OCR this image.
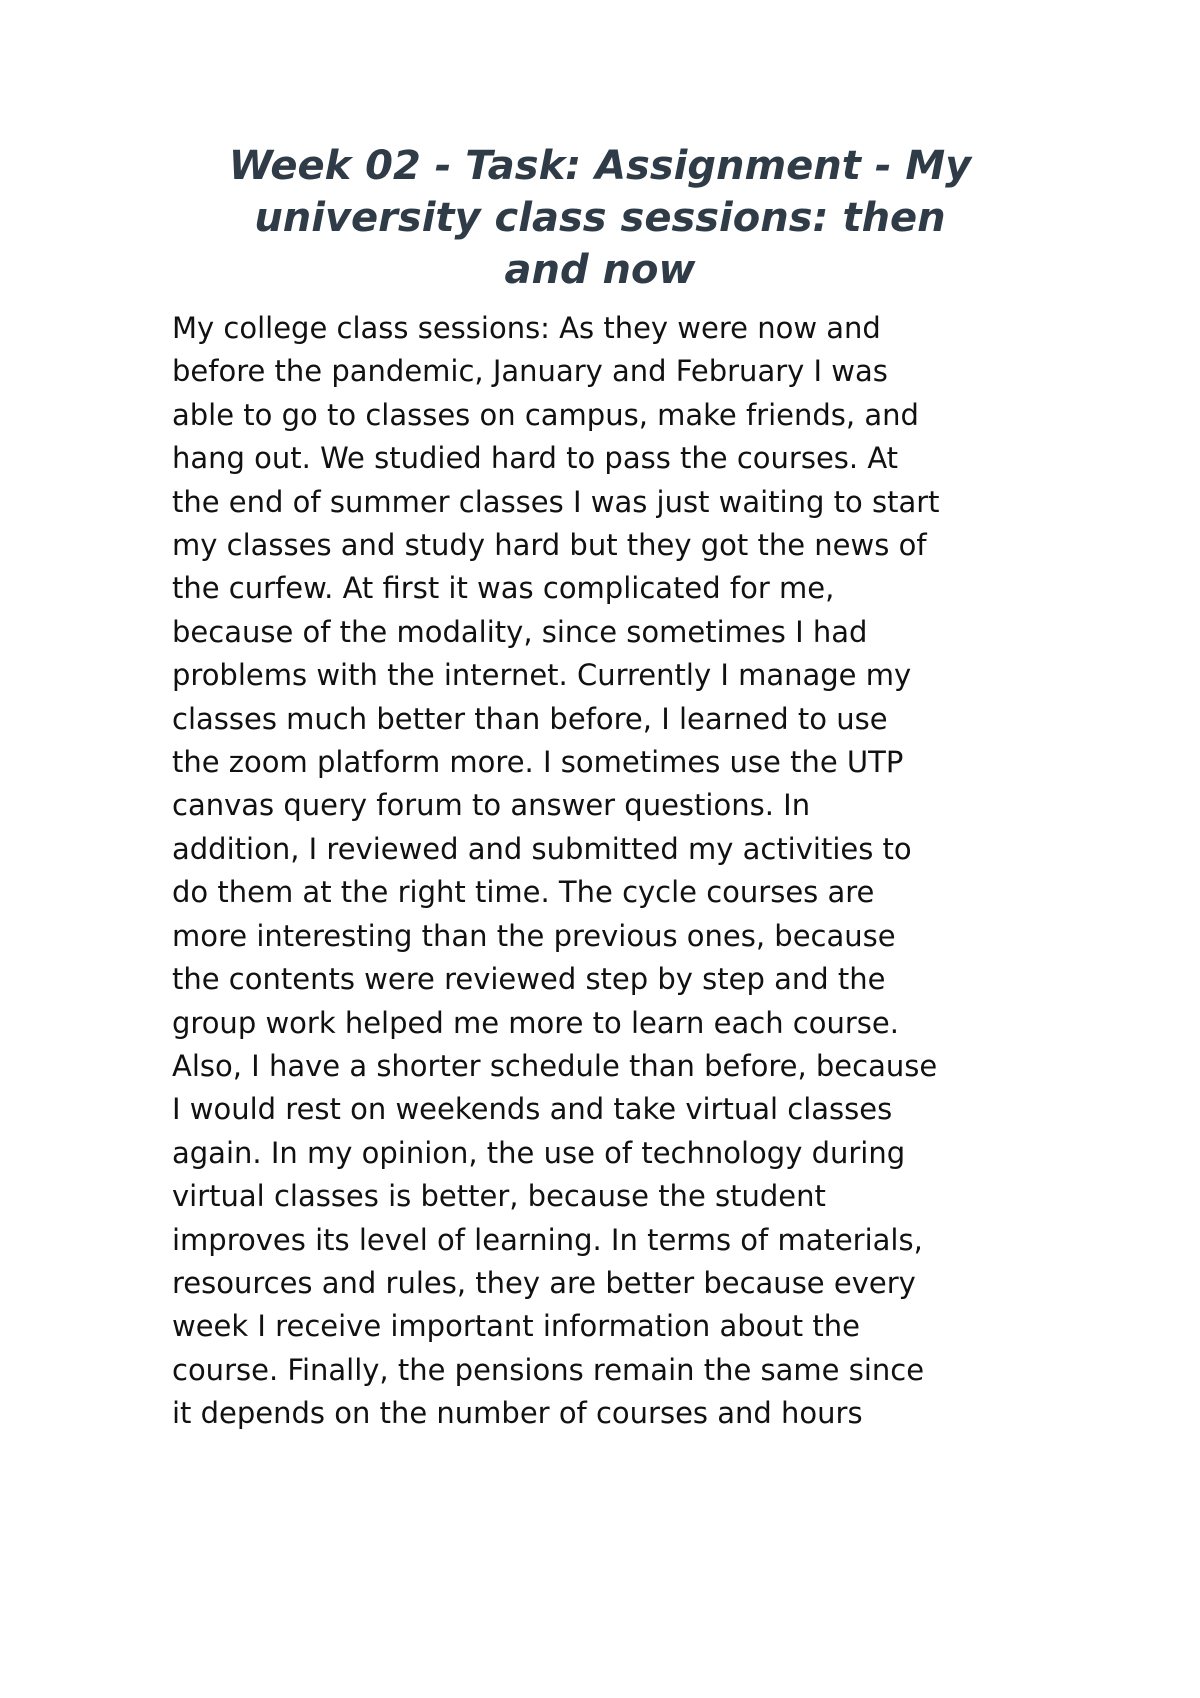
Week 02 - Task: Assignment - My
university class sessions: then
and now
My college class sessions: As they were now and
before the pandemic, January and February I was
able to go to classes on campus, make friends, and
hang out. We studied hard to pass the courses. At
the end of summer classes I was just waiting to start
my classes and study hard but they got the news of
the curfew. At first it was complicated for me,
because of the modality, since sometimes I had
problems with the internet. Currently I manage my
classes much better than before, I learned to use
the zoom platform more. I sometimes use the UTP
canvas query forum to answer questions. In
addition, I reviewed and submitted my activities to
do them at the right time. The cycle courses are
more interesting than the previous ones, because
the contents were reviewed step by step and the
group work helped me more to learn each course.
Also, I have a shorter schedule than before, because
I would rest on weekends and take virtual classes
again. In my opinion, the use of technology during
virtual classes is better, because the student
improves its level of learning. In terms of materials,
resources and rules, they are better because every
week I receive important information about the
course. Finally, the pensions remain the same since
it depends on the number of courses and hours
